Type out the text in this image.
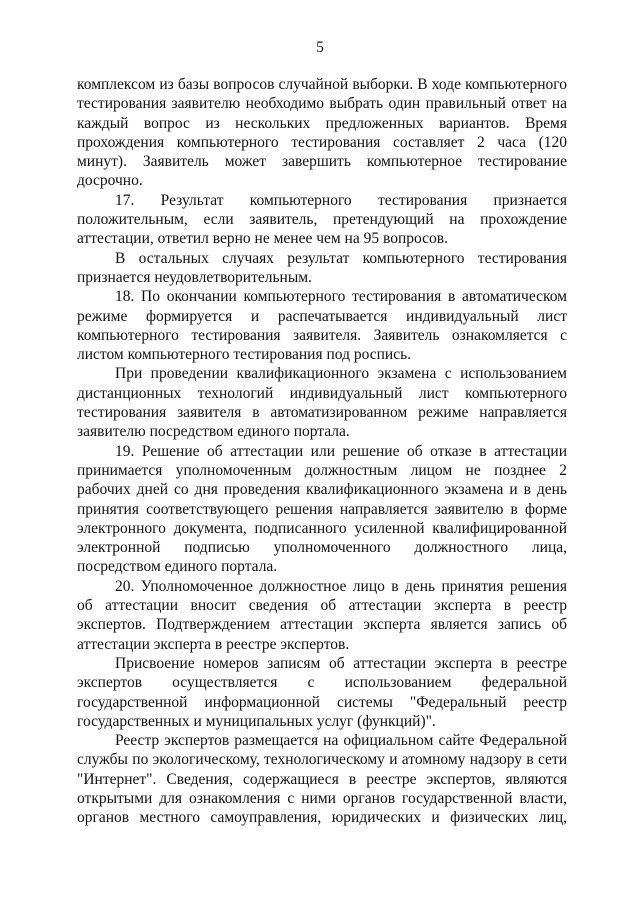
5

комплексом из базы вопросов случайной выборки. В ходе компьютерного тестирования заявителю необходимо выбрать один правильный ответ на каждый вопрос из нескольких предложенных вариантов. Время прохождения компьютерного тестирования составляет 2 часа (120 минут). Заявитель может завершить компьютерное тестирование досрочно.

17. Результат компьютерного тестирования признается положительным, если заявитель, претендующий на прохождение аттестации, ответил верно не менее чем на 95 вопросов.

В остальных случаях результат компьютерного тестирования признается неудовлетворительным.

18. По окончании компьютерного тестирования в автоматическом режиме формируется и распечатывается индивидуальный лист компьютерного тестирования заявителя. Заявитель ознакомляется с листом компьютерного тестирования под роспись.

При проведении квалификационного экзамена с использованием дистанционных технологий индивидуальный лист компьютерного тестирования заявителя в автоматизированном режиме направляется заявителю посредством единого портала.

19. Решение об аттестации или решение об отказе в аттестации принимается уполномоченным должностным лицом не позднее 2 рабочих дней со дня проведения квалификационного экзамена и в день принятия соответствующего решения направляется заявителю в форме электронного документа, подписанного усиленной квалифицированной электронной подписью уполномоченного должностного лица, посредством единого портала.

20. Уполномоченное должностное лицо в день принятия решения об аттестации вносит сведения об аттестации эксперта в реестр экспертов. Подтверждением аттестации эксперта является запись об аттестации эксперта в реестре экспертов.

Присвоение номеров записям об аттестации эксперта в реестре экспертов осуществляется с использованием федеральной государственной информационной системы "Федеральный реестр государственных и муниципальных услуг (функций)".

Реестр экспертов размещается на официальном сайте Федеральной службы по экологическому, технологическому и атомному надзору в сети "Интернет". Сведения, содержащиеся в реестре экспертов, являются открытыми для ознакомления с ними органов государственной власти, органов местного самоуправления, юридических и физических лиц,
